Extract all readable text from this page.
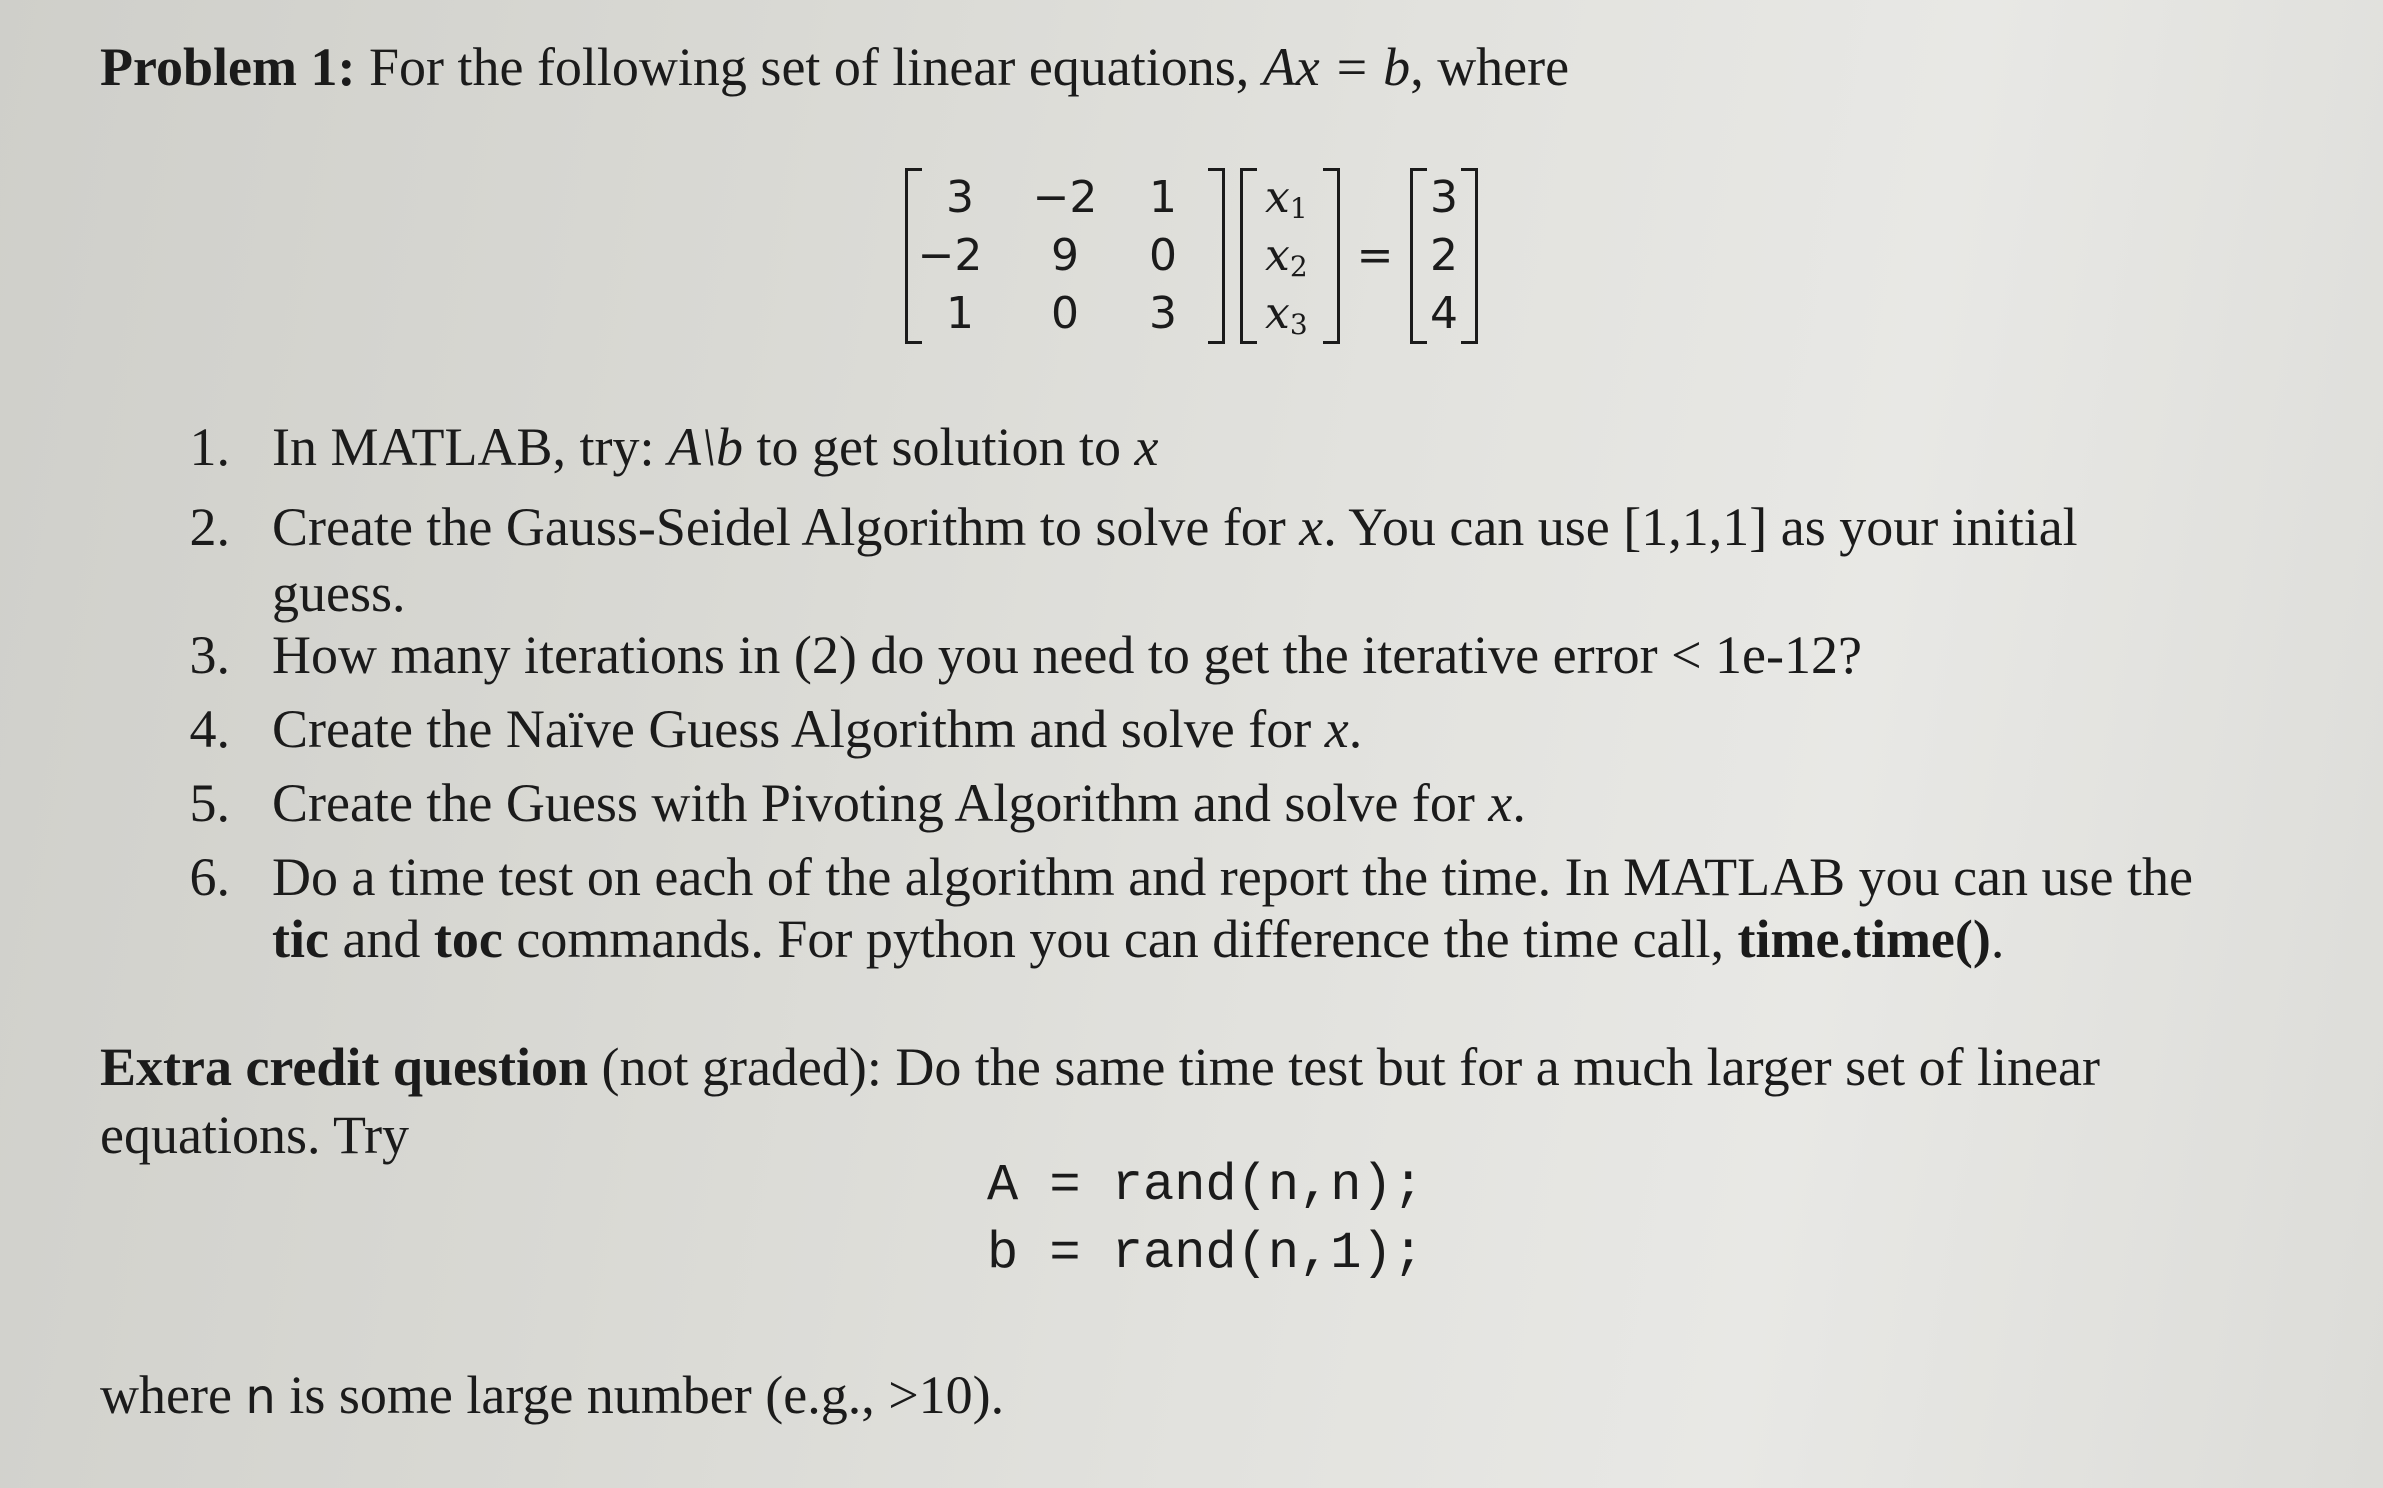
Problem 1: For the following set of linear equations, Ax = b, where
3	−2	1
−2	9	0
1	0	3
$x_1$
$x_2$
$x_3$
=
3
2
4
1. In MATLAB, try: A\b to get solution to x
2. Create the Gauss-Seidel Algorithm to solve for x. You can use [1,1,1] as your initial
guess.
3. How many iterations in (2) do you need to get the iterative error < 1e-12?
4. Create the Naïve Guess Algorithm and solve for x.
5. Create the Guess with Pivoting Algorithm and solve for x.
6. Do a time test on each of the algorithm and report the time. In MATLAB you can use the
tic and toc commands. For python you can difference the time call, time.time().
Extra credit question (not graded): Do the same time test but for a much larger set of linear
equations. Try
A = rand(n,n);
b = rand(n,1);
where n is some large number (e.g., >10).
